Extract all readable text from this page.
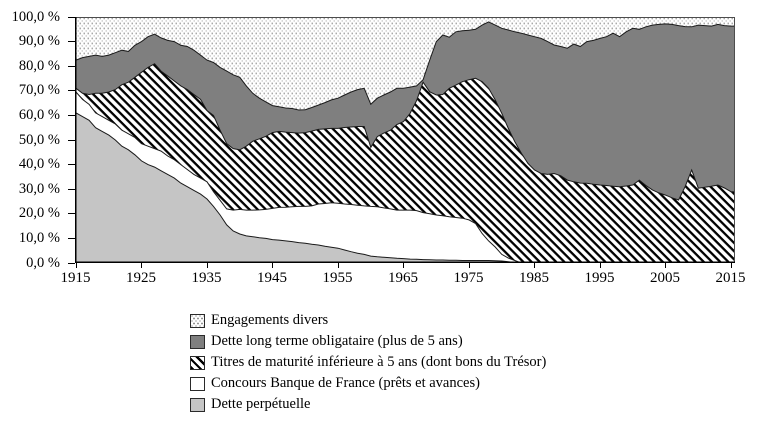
100,0 %
90,0 %
80,0 %
70,0 %
60,0 %
50,0 %
40,0 %
30,0 %
20,0 %
10,0 %
0,0 %
1915	1925	1935	1945	1955	1965	1975	1985	1995	2005	2015
Engagements divers
Dette long terme obligataire (plus de 5 ans)
Titres de maturité inférieure à 5 ans (dont bons du Trésor)
Concours Banque de France (prêts et avances)
Dette perpétuelle
